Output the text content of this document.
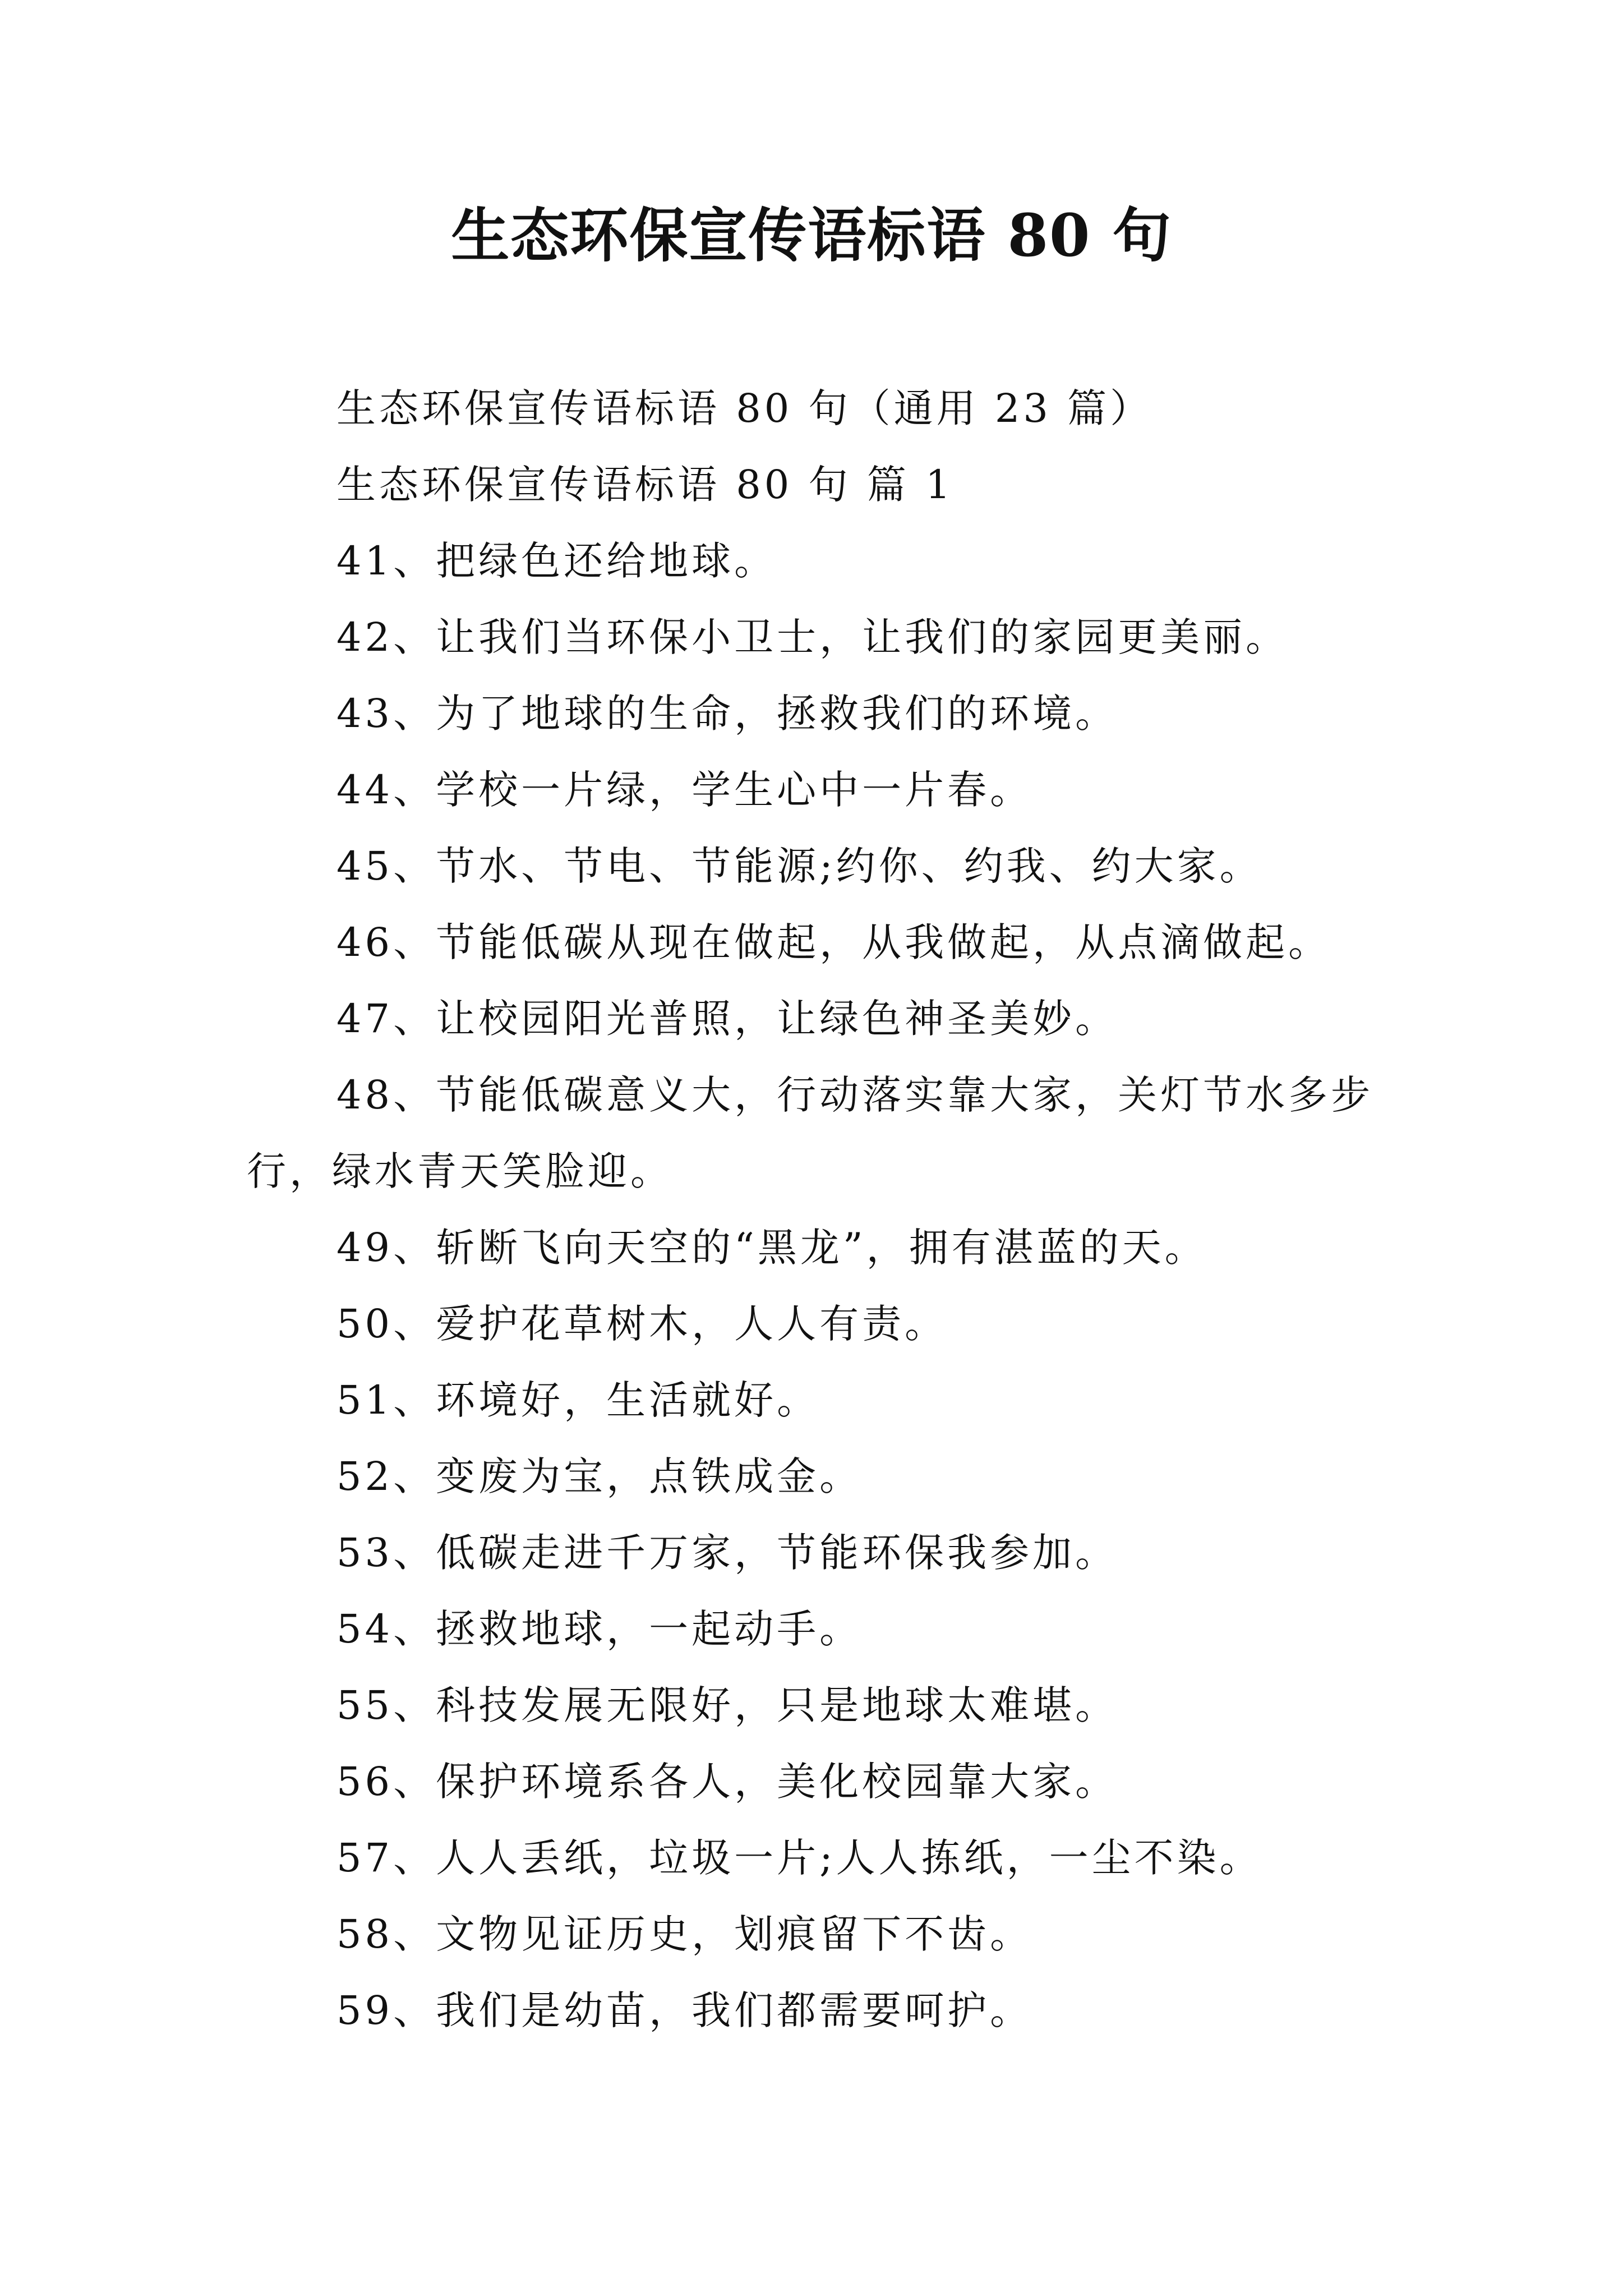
生态环保宣传语标语 80 句

生态环保宣传语标语 80 句（通用 23 篇）

生态环保宣传语标语 80 句 篇 1

41、把绿色还给地球。

42、让我们当环保小卫士，让我们的家园更美丽。

43、为了地球的生命，拯救我们的环境。

44、学校一片绿，学生心中一片春。

45、节水、节电、节能源;约你、约我、约大家。

46、节能低碳从现在做起，从我做起，从点滴做起。

47、让校园阳光普照，让绿色神圣美妙。

48、节能低碳意义大，行动落实靠大家，关灯节水多步行，绿水青天笑脸迎。

49、斩断飞向天空的“黑龙”，拥有湛蓝的天。

50、爱护花草树木，人人有责。

51、环境好，生活就好。

52、变废为宝，点铁成金。

53、低碳走进千万家，节能环保我参加。

54、拯救地球，一起动手。

55、科技发展无限好，只是地球太难堪。

56、保护环境系各人，美化校园靠大家。

57、人人丢纸，垃圾一片;人人拣纸，一尘不染。

58、文物见证历史，划痕留下不齿。

59、我们是幼苗，我们都需要呵护。
